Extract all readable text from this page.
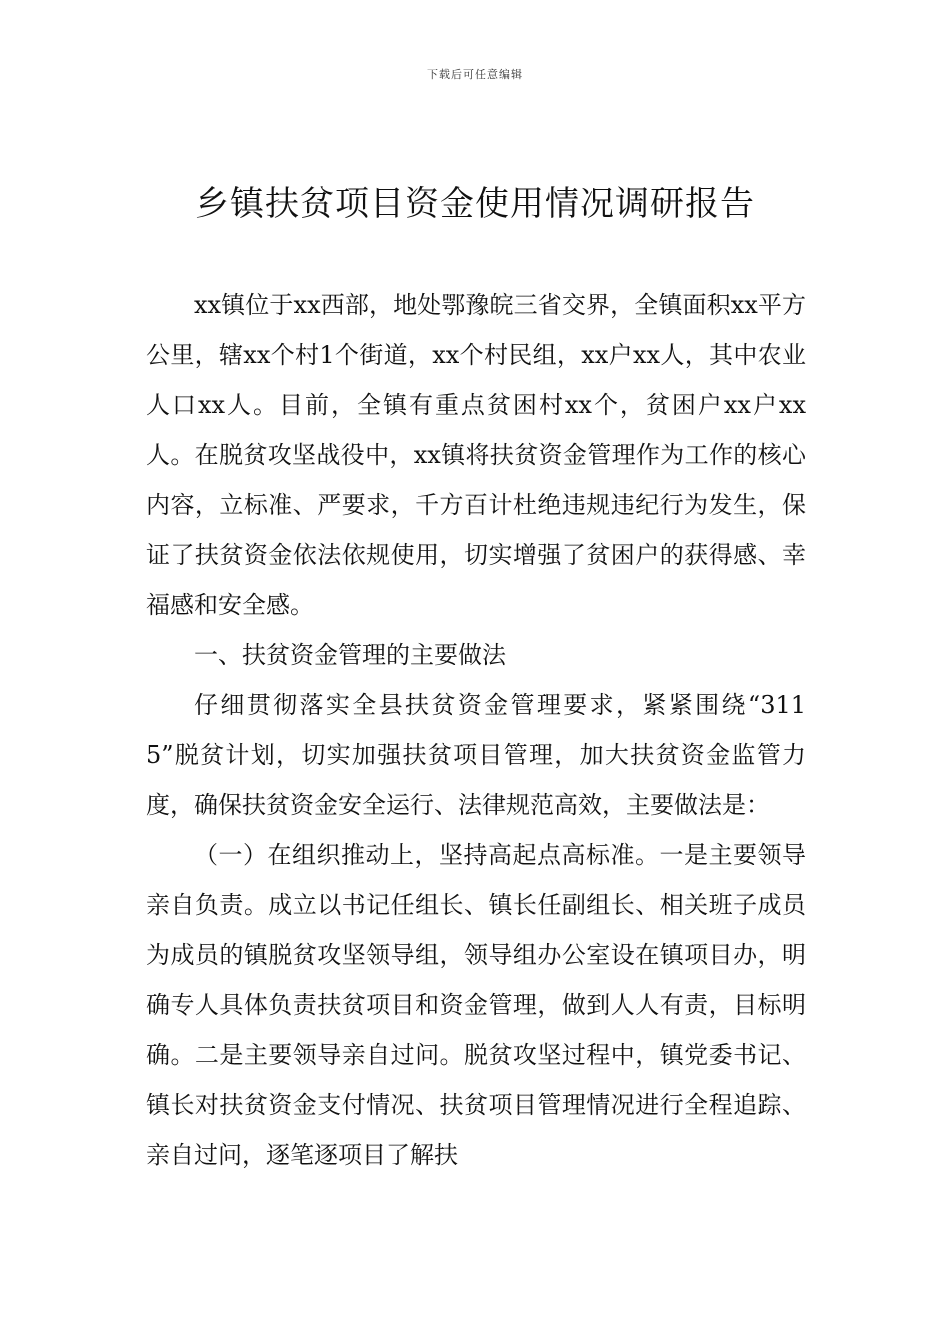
下载后可任意编辑
乡镇扶贫项目资金使用情况调研报告

xx镇位于xx西部，地处鄂豫皖三省交界，全镇面积xx平方公里，辖xx个村1个街道，xx个村民组，xx户xx人，其中农业人口xx人。目前，全镇有重点贫困村xx个，贫困户xx户xx人。在脱贫攻坚战役中，xx镇将扶贫资金管理作为工作的核心内容，立标准、严要求，千方百计杜绝违规违纪行为发生，保证了扶贫资金依法依规使用，切实增强了贫困户的获得感、幸福感和安全感。

一、扶贫资金管理的主要做法

仔细贯彻落实全县扶贫资金管理要求，紧紧围绕“3115”脱贫计划，切实加强扶贫项目管理，加大扶贫资金监管力度，确保扶贫资金安全运行、法律规范高效，主要做法是：

（一）在组织推动上，坚持高起点高标准。一是主要领导亲自负责。成立以书记任组长、镇长任副组长、相关班子成员为成员的镇脱贫攻坚领导组，领导组办公室设在镇项目办，明确专人具体负责扶贫项目和资金管理，做到人人有责，目标明确。二是主要领导亲自过问。脱贫攻坚过程中，镇党委书记、镇长对扶贫资金支付情况、扶贫项目管理情况进行全程追踪、亲自过问，逐笔逐项目了解扶
